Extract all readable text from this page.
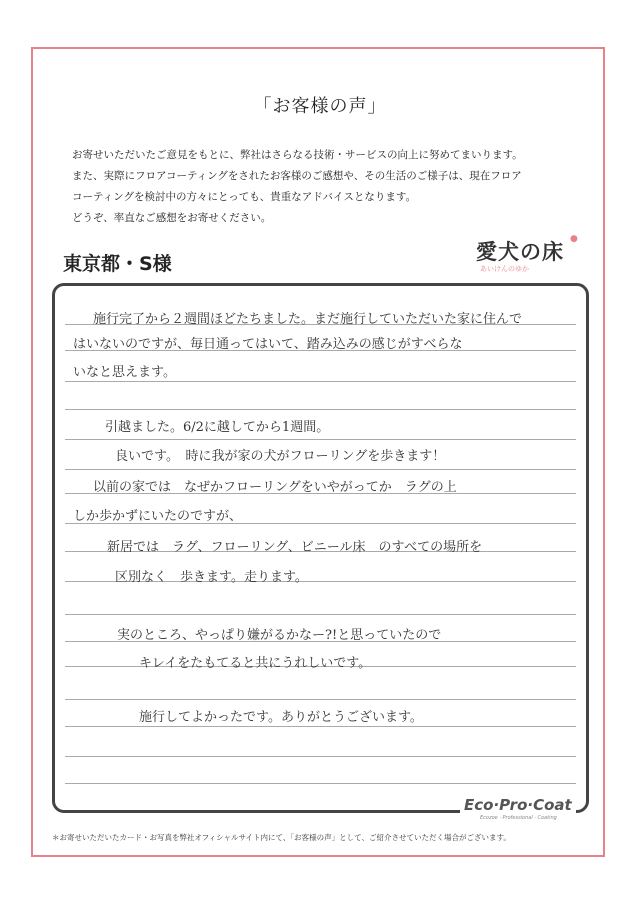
「お客様の声」
お寄せいただいたご意見をもとに、弊社はさらなる技術・サービスの向上に努めてまいります。
また、実際にフロアコーティングをされたお客様のご感想や、その生活のご様子は、現在フロア
コーティングを検討中の方々にとっても、貴重なアドバイスとなります。
どうぞ、率直なご感想をお寄せください。
東京都・S様
●
愛犬の床
あいけんのゆか
施行完了から２週間ほどたちました。まだ施行していただいた家に住んで
はいないのですが、毎日通ってはいて、踏み込みの感じがすべらな
いなと思えます。
引越ました。6/2に越してから1週間。
良いです。　時に我が家の犬がフローリングを歩きます！
以前の家では　なぜかフローリングをいやがってか　ラグの上
しか歩かずにいたのですが、
新居では　ラグ、フローリング、ビニール床　のすべての場所を
区別なく　歩きます。走ります。
実のところ、やっぱり嫌がるかなー?!と思っていたので
キレイをたもてると共にうれしいです。
施行してよかったです。ありがとうございます。
Eco·Pro·Coat
Ecozoe · Professional · Coating
＊お寄せいただいたカード・お写真を弊社オフィシャルサイト内にて、「お客様の声」として、ご紹介させていただく場合がございます。
